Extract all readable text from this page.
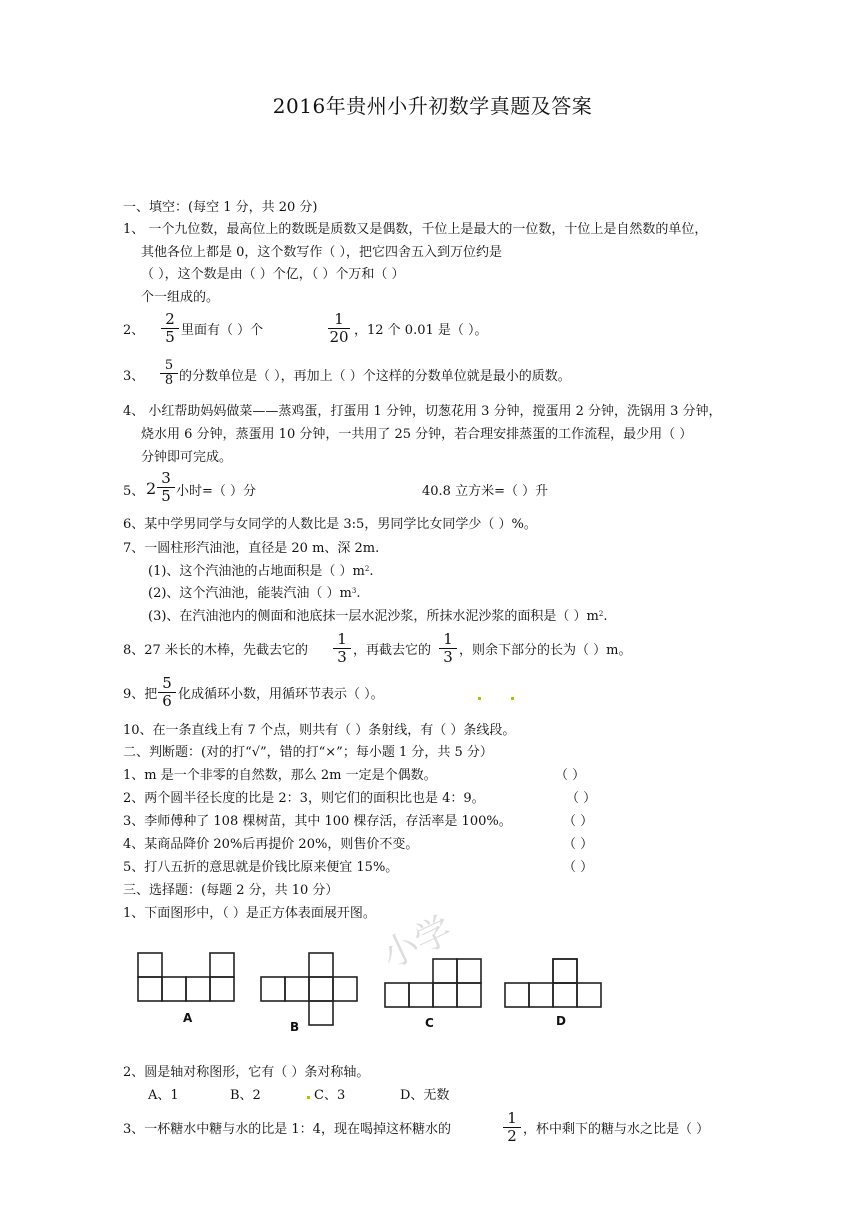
2016年贵州小升初数学真题及答案
一、填空：(每空 1 分，共 20 分)
1、 一个九位数，最高位上的数既是质数又是偶数，千位上是最大的一位数，十位上是自然数的单位，
其他各位上都是 0，这个数写作（ ），把它四舍五入到万位约是
（ ），这个数是由（ ）个亿，（ ）个万和（ ）
个一组成的。
2、
2
5 里面有（ ）个
1
20 ，12 个 0.01 是（ ）。
3、
5
8 的分数单位是（ ），再加上（ ）个这样的分数单位就是最小的质数。
4、 小红帮助妈妈做菜——蒸鸡蛋，打蛋用 1 分钟，切葱花用 3 分钟，搅蛋用 2 分钟，洗锅用 3 分钟，
烧水用 6 分钟，蒸蛋用 10 分钟，一共用了 25 分钟，若合理安排蒸蛋的工作流程，最少用（ ）
分钟即可完成。
5、 2
3
5 小时=（ ）分	40.8 立方米=（ ）升
6、某中学男同学与女同学的人数比是 3:5，男同学比女同学少（ ）%。
7、一圆柱形汽油池，直径是 20 m、深 2m.
(1)、这个汽油池的占地面积是（ ）$m^2$.
(2)、这个汽油池，能装汽油（ ）$m^3$.
(3)、在汽油池内的侧面和池底抹一层水泥沙浆，所抹水泥沙浆的面积是（ ）$m^2$.
8、27 米长的木棒，先截去它的
1
3 ，再截去它的
1
3 ，则余下部分的长为（ ）m。
9、把
5
6 化成循环小数，用循环节表示（ ）。
10、在一条直线上有 7 个点，则共有（ ）条射线，有（ ）条线段。
二、判断题：(对的打“√”，错的打“×”；每小题 1 分，共 5 分）
1、m 是一个非零的自然数，那么 2m 一定是个偶数。	（ ）
2、两个圆半径长度的比是 2：3，则它们的面积比也是 4：9。	（ ）
3、李师傅种了 108 棵树苗，其中 100 棵存活，存活率是 100%。	（ ）
4、某商品降价 20%后再提价 20%，则售价不变。	（ ）
5、打八五折的意思就是价钱比原来便宜 15%。	（ ）
三、选择题：(每题 2 分，共 10 分）
1、下面图形中，（ ）是正方体表面展开图。 小学
A
B	C	D
2、圆是轴对称图形，它有（ ）条对称轴。
A、1	B、2	C、3	D、无数
3、一杯糖水中糖与水的比是 1：4，现在喝掉这杯糖水的
1
2 ，杯中剩下的糖与水之比是（ ）
